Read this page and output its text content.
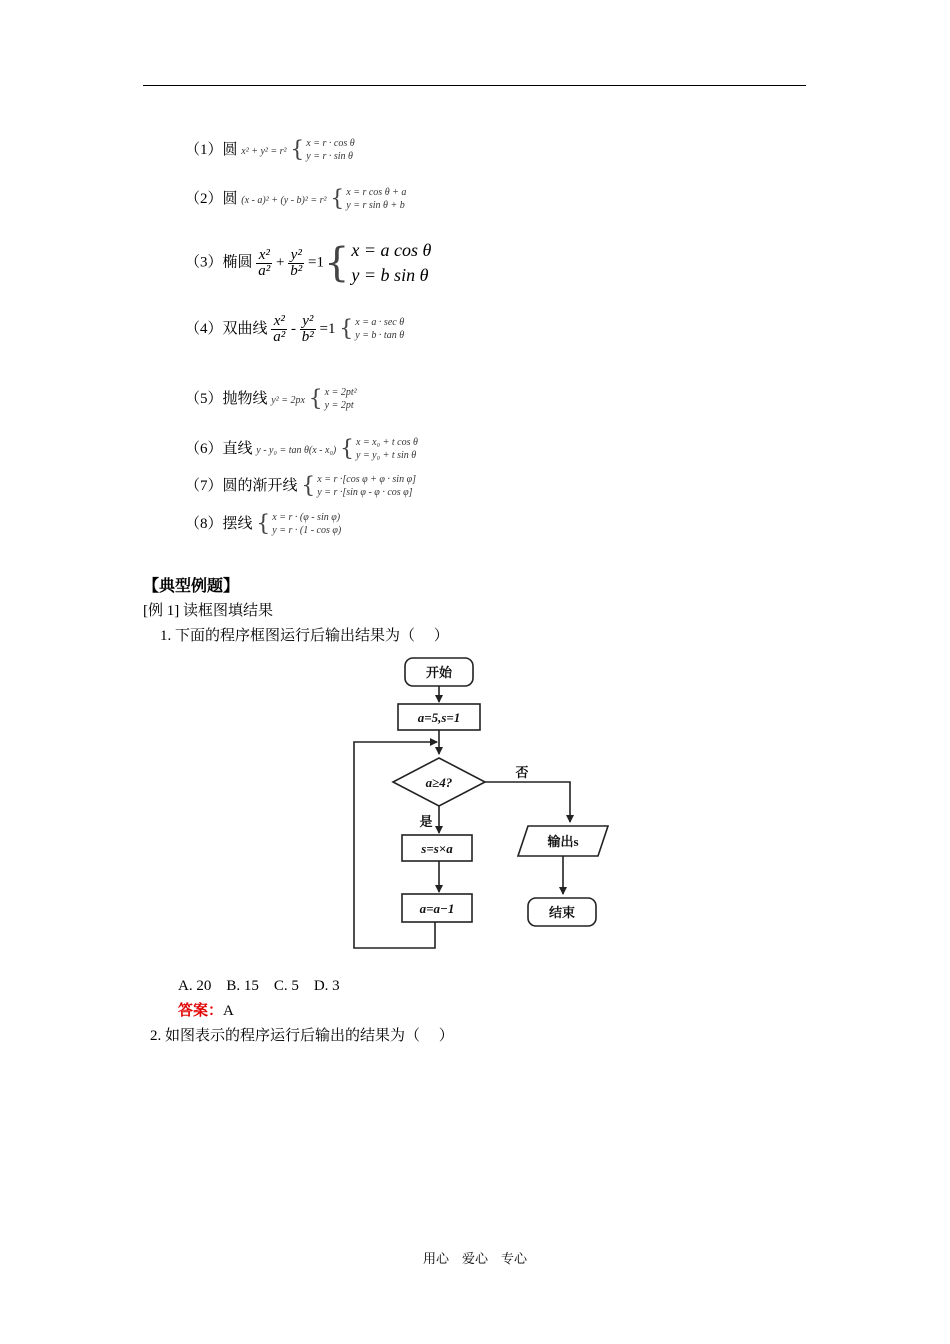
（1）圆 x² + y² = r² { x = r · cos θ
y = r · sin θ
（2）圆 (x - a)² + (y - b)² = r² { x = r cos θ + a
y = r sin θ + b
（3）椭圆 $\frac{\text{x²}}{\text{a²}} + \frac{\text{y²}}{\text{b²}} =1${ x = a cos θ
y = b sin θ
（4）双曲线 $\frac{\text{x²}}{\text{a²}} - \frac{\text{y²}}{\text{b²}} =1$ { x = a · sec θ
y = b · tan θ
（5）抛物线 y² = 2px { x = 2pt²
y = 2pt
（6）直线 y - y₀ = tan θ(x - x₀) { x = x₀ + t cos θ
y = y₀ + t sin θ
（7）圆的渐开线 { x = r ·[cos φ + φ · sin φ]
y = r ·[sin φ - φ · cos φ]
（8）摆线 { x = r · (φ - sin φ)
y = r · (1 - cos φ)
【典型例题】
[例 1] 读框图填结果
1. 下面的程序框图运行后输出结果为（　 ）
开始
a=5,s=1
a≥4?
否
是
s=s×a
a=a−1
输出s
结束
A. 20　B. 15　C. 5　D. 3
答案：A
2. 如图表示的程序运行后输出的结果为（　 ）
用心　爱心　专心
